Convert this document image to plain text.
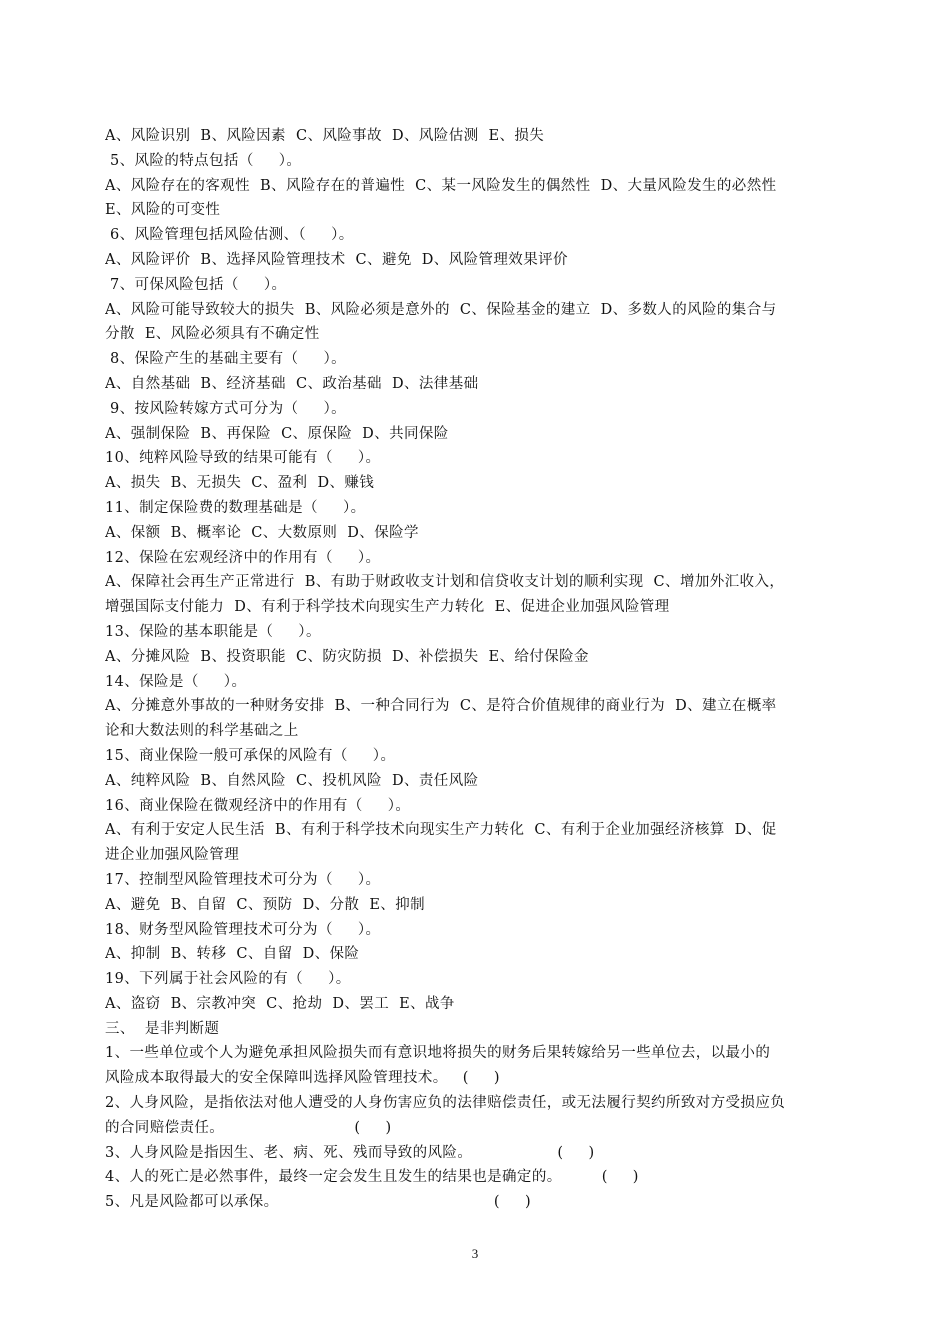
A、风险识别  B、风险因素  C、风险事故  D、风险估测  E、损失
5、风险的特点包括（     ）。
A、风险存在的客观性  B、风险存在的普遍性  C、某一风险发生的偶然性  D、大量风险发生的必然性
E、风险的可变性
6、风险管理包括风险估测、（     ）。
A、风险评价  B、选择风险管理技术  C、避免  D、风险管理效果评价
7、可保风险包括（     ）。
A、风险可能导致较大的损失  B、风险必须是意外的  C、保险基金的建立  D、多数人的风险的集合与
分散  E、风险必须具有不确定性
8、保险产生的基础主要有（     ）。
A、自然基础  B、经济基础  C、政治基础  D、法律基础
9、按风险转嫁方式可分为（     ）。
A、强制保险  B、再保险  C、原保险  D、共同保险
10、纯粹风险导致的结果可能有（     ）。
A、损失  B、无损失  C、盈利  D、赚钱
11、制定保险费的数理基础是（     ）。
A、保额  B、概率论  C、大数原则  D、保险学
12、保险在宏观经济中的作用有（     ）。
A、保障社会再生产正常进行  B、有助于财政收支计划和信贷收支计划的顺利实现  C、增加外汇收入，
增强国际支付能力  D、有利于科学技术向现实生产力转化  E、促进企业加强风险管理
13、保险的基本职能是（     ）。
A、分摊风险  B、投资职能  C、防灾防损  D、补偿损失  E、给付保险金
14、保险是（     ）。
A、分摊意外事故的一种财务安排  B、一种合同行为  C、是符合价值规律的商业行为  D、建立在概率
论和大数法则的科学基础之上
15、商业保险一般可承保的风险有（     ）。
A、纯粹风险  B、自然风险  C、投机风险  D、责任风险
16、商业保险在微观经济中的作用有（     ）。
A、有利于安定人民生活  B、有利于科学技术向现实生产力转化  C、有利于企业加强经济核算  D、促
进企业加强风险管理
17、控制型风险管理技术可分为（     ）。
A、避免  B、自留  C、预防  D、分散  E、抑制
18、财务型风险管理技术可分为（     ）。
A、抑制  B、转移  C、自留  D、保险
19、下列属于社会风险的有（     ）。
A、盗窃  B、宗教冲突  C、抢劫  D、罢工  E、战争
三、  是非判断题
1、一些单位或个人为避免承担风险损失而有意识地将损失的财务后果转嫁给另一些单位去，以最小的
风险成本取得最大的安全保障叫选择风险管理技术。   (     )
2、人身风险，是指依法对他人遭受的人身伤害应负的法律赔偿责任，或无法履行契约所致对方受损应负
的合同赔偿责任。                          (     )
3、人身风险是指因生、老、病、死、残而导致的风险。                 (     )
4、人的死亡是必然事件，最终一定会发生且发生的结果也是确定的。        (     )
5、凡是风险都可以承保。                                           (     )
3
